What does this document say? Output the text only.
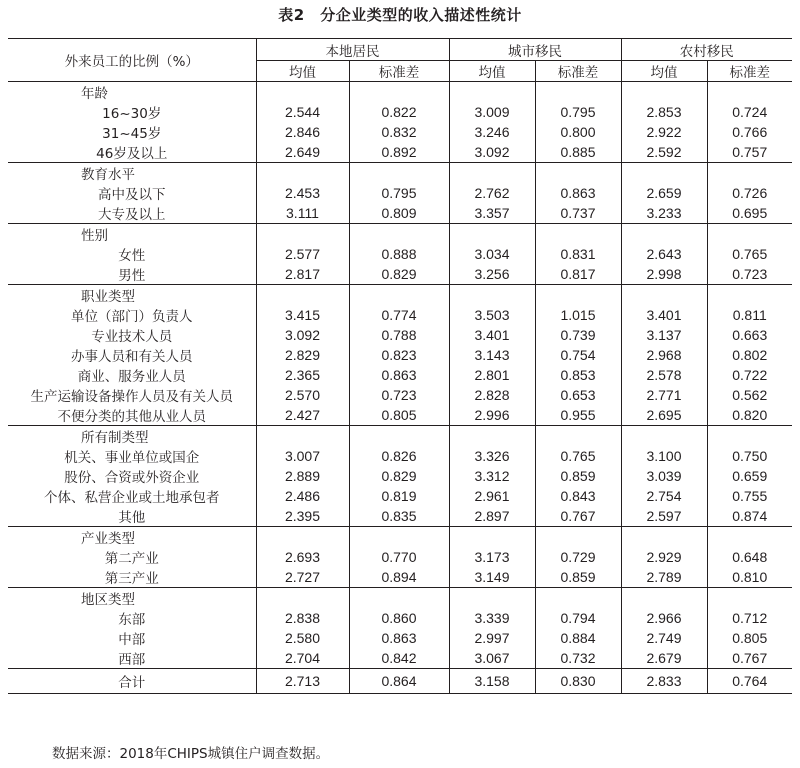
表2　分企业类型的收入描述性统计
外来员工的比例（%）	本地居民		城市移民		农村移民	
	均值	标准差	均值	标准差	均值	标准差
年龄						
16~30岁	2.544	0.822	3.009	0.795	2.853	0.724
31~45岁	2.846	0.832	3.246	0.800	2.922	0.766
46岁及以上	2.649	0.892	3.092	0.885	2.592	0.757
教育水平						
高中及以下	2.453	0.795	2.762	0.863	2.659	0.726
大专及以上	3.111	0.809	3.357	0.737	3.233	0.695
性别						
女性	2.577	0.888	3.034	0.831	2.643	0.765
男性	2.817	0.829	3.256	0.817	2.998	0.723
职业类型						
单位（部门）负责人	3.415	0.774	3.503	1.015	3.401	0.811
专业技术人员	3.092	0.788	3.401	0.739	3.137	0.663
办事人员和有关人员	2.829	0.823	3.143	0.754	2.968	0.802
商业、服务业人员	2.365	0.863	2.801	0.853	2.578	0.722
生产运输设备操作人员及有关人员	2.570	0.723	2.828	0.653	2.771	0.562
不便分类的其他从业人员	2.427	0.805	2.996	0.955	2.695	0.820
所有制类型						
机关、事业单位或国企	3.007	0.826	3.326	0.765	3.100	0.750
股份、合资或外资企业	2.889	0.829	3.312	0.859	3.039	0.659
个体、私营企业或土地承包者	2.486	0.819	2.961	0.843	2.754	0.755
其他	2.395	0.835	2.897	0.767	2.597	0.874
产业类型						
第二产业	2.693	0.770	3.173	0.729	2.929	0.648
第三产业	2.727	0.894	3.149	0.859	2.789	0.810
地区类型						
东部	2.838	0.860	3.339	0.794	2.966	0.712
中部	2.580	0.863	2.997	0.884	2.749	0.805
西部	2.704	0.842	3.067	0.732	2.679	0.767
合计	2.713	0.864	3.158	0.830	2.833	0.764
数据来源：2018年CHIPS城镇住户调查数据。
